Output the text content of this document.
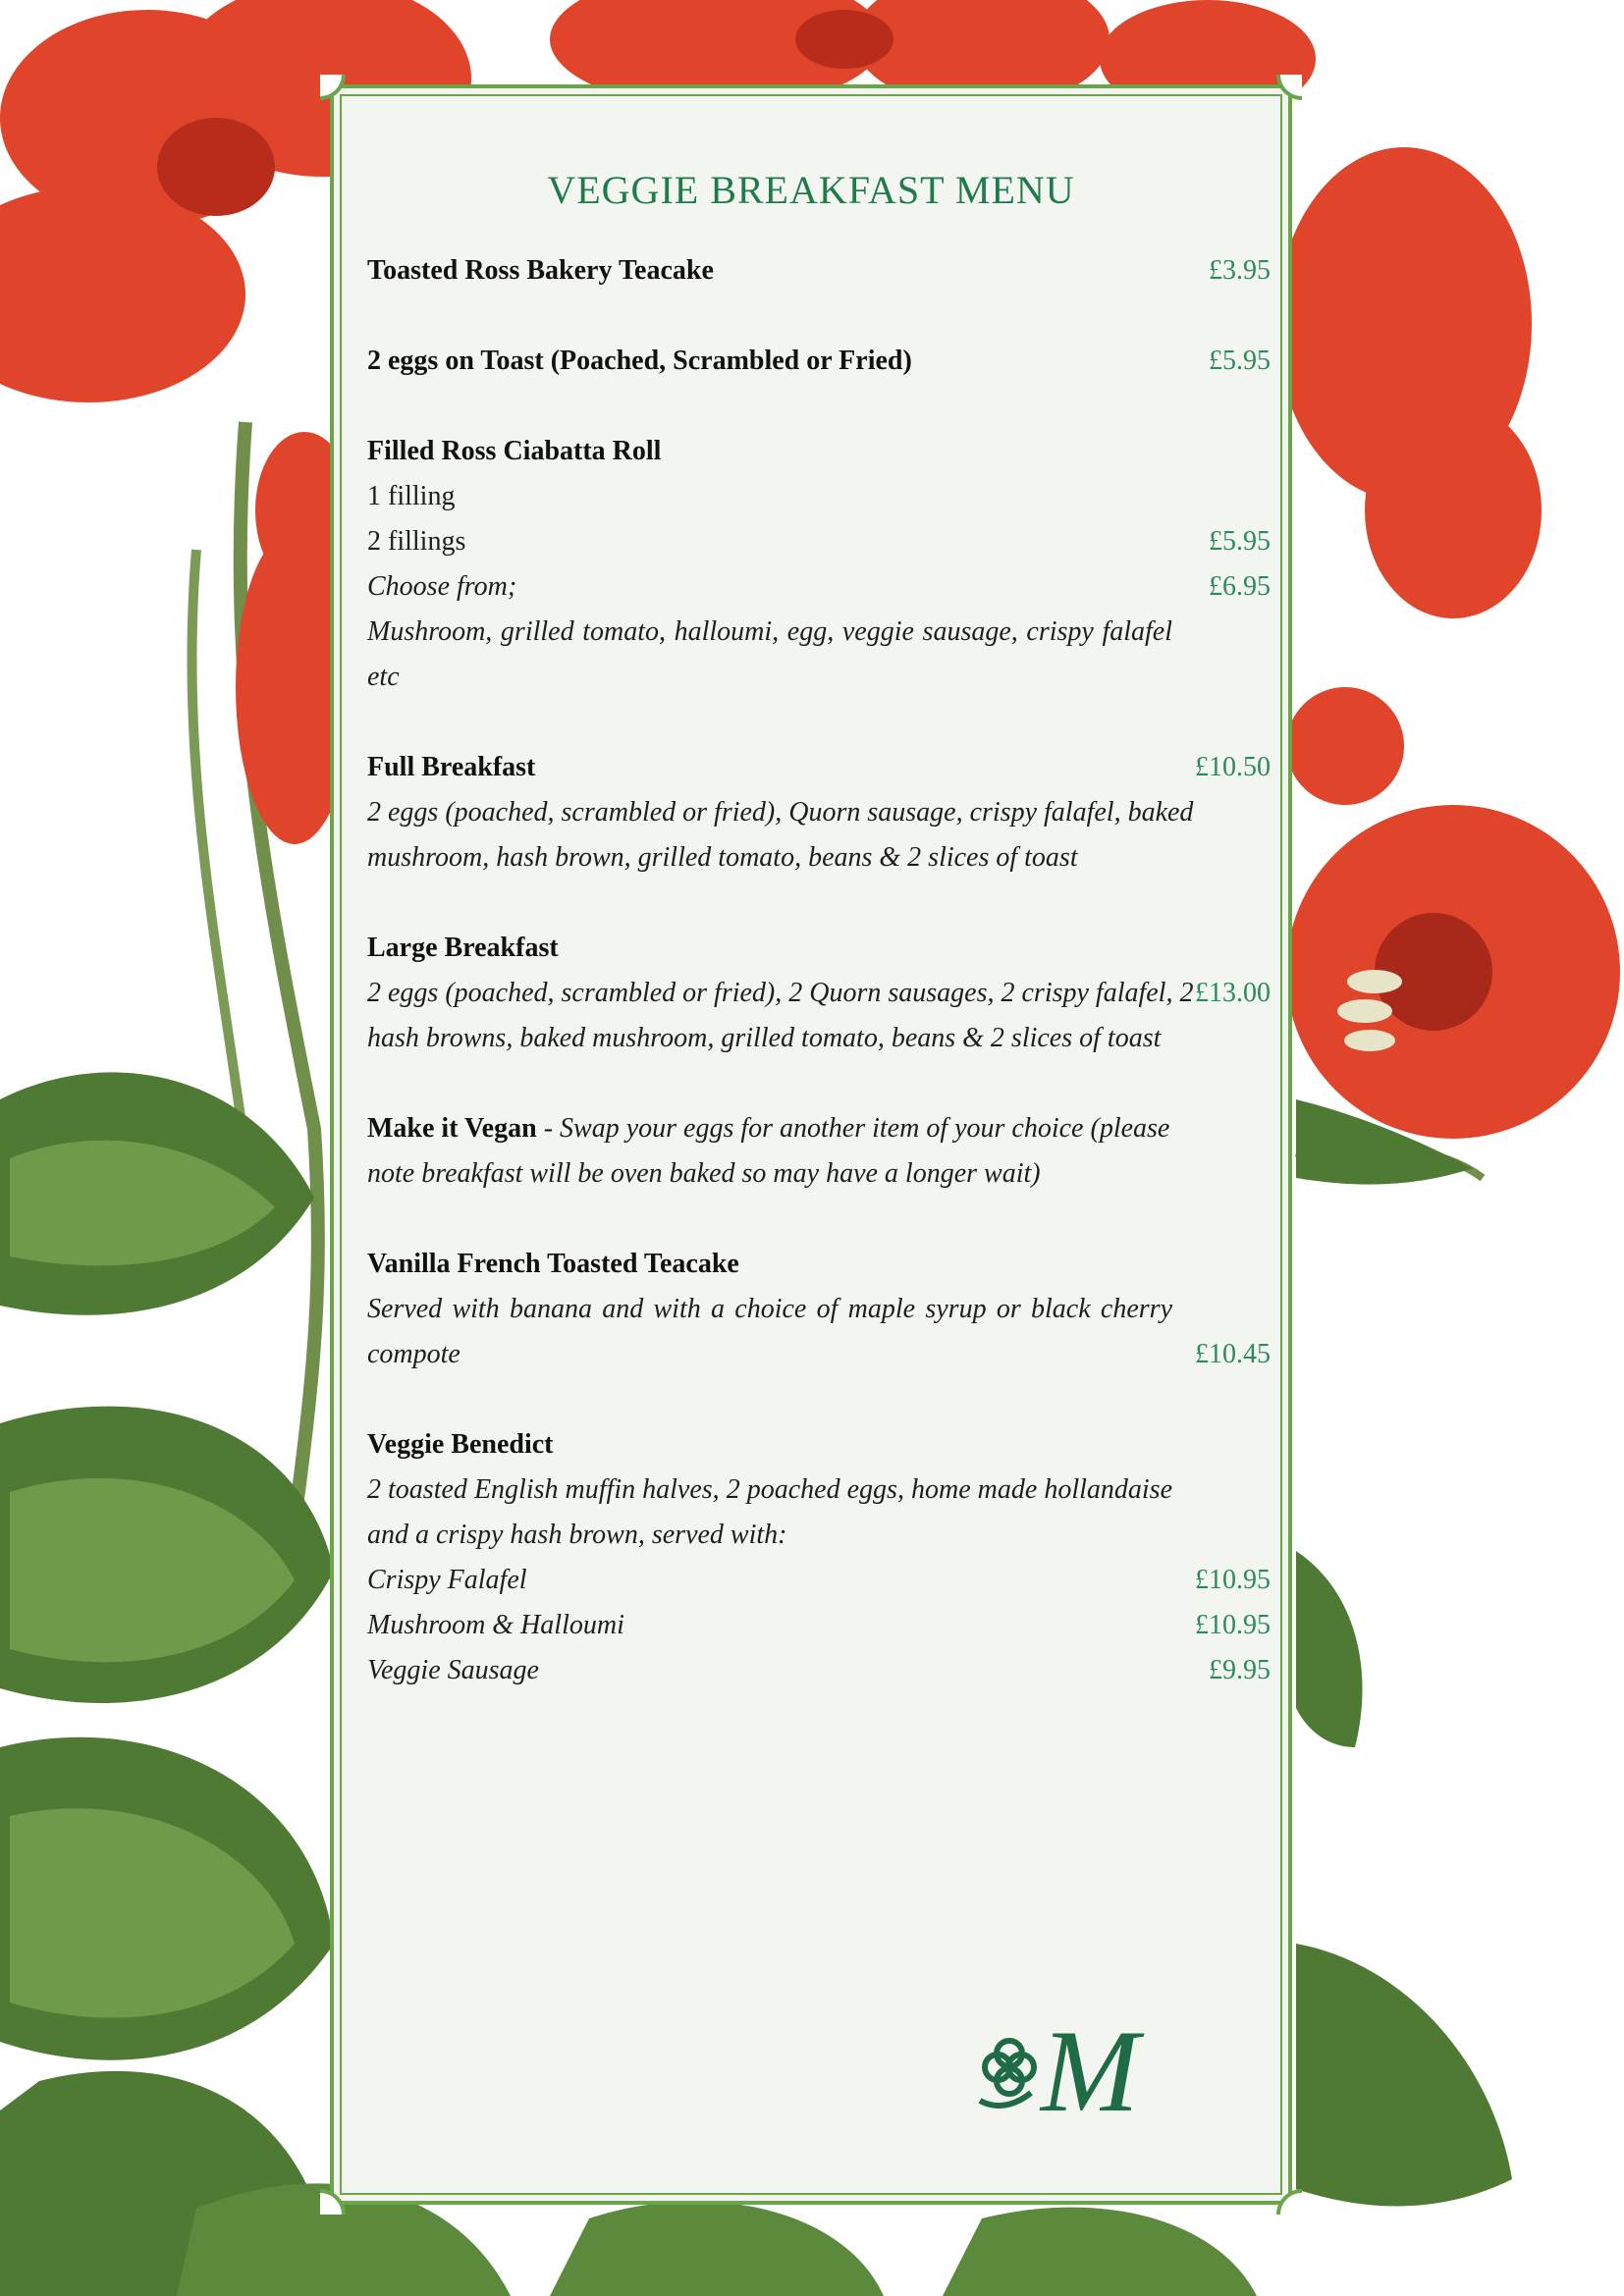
VEGGIE BREAKFAST MENU
Toasted Ross Bakery Teacake	£3.95
2 eggs on Toast (Poached, Scrambled or Fried)	£5.95
Filled Ross Ciabatta Roll
1 filling
2 fillings	£5.95
Choose from;	£6.95
Mushroom, grilled tomato, halloumi, egg, veggie sausage, crispy falafel
etc
Full Breakfast	£10.50
2 eggs (poached, scrambled or fried), Quorn sausage, crispy falafel, baked
mushroom, hash brown, grilled tomato, beans & 2 slices of toast
Large Breakfast
2 eggs (poached, scrambled or fried), 2 Quorn sausages, 2 crispy falafel, 2 £13.00
hash browns, baked mushroom, grilled tomato, beans & 2 slices of toast
Make it Vegan - Swap your eggs for another item of your choice (please
note breakfast will be oven baked so may have a longer wait)
Vanilla French Toasted Teacake
Served with banana and with a choice of maple syrup or black cherry
compote	£10.45
Veggie Benedict
2 toasted English muffin halves, 2 poached eggs, home made hollandaise
and a crispy hash brown, served with:
Crispy Falafel	£10.95
Mushroom & Halloumi	£10.95
Veggie Sausage	£9.95
M
